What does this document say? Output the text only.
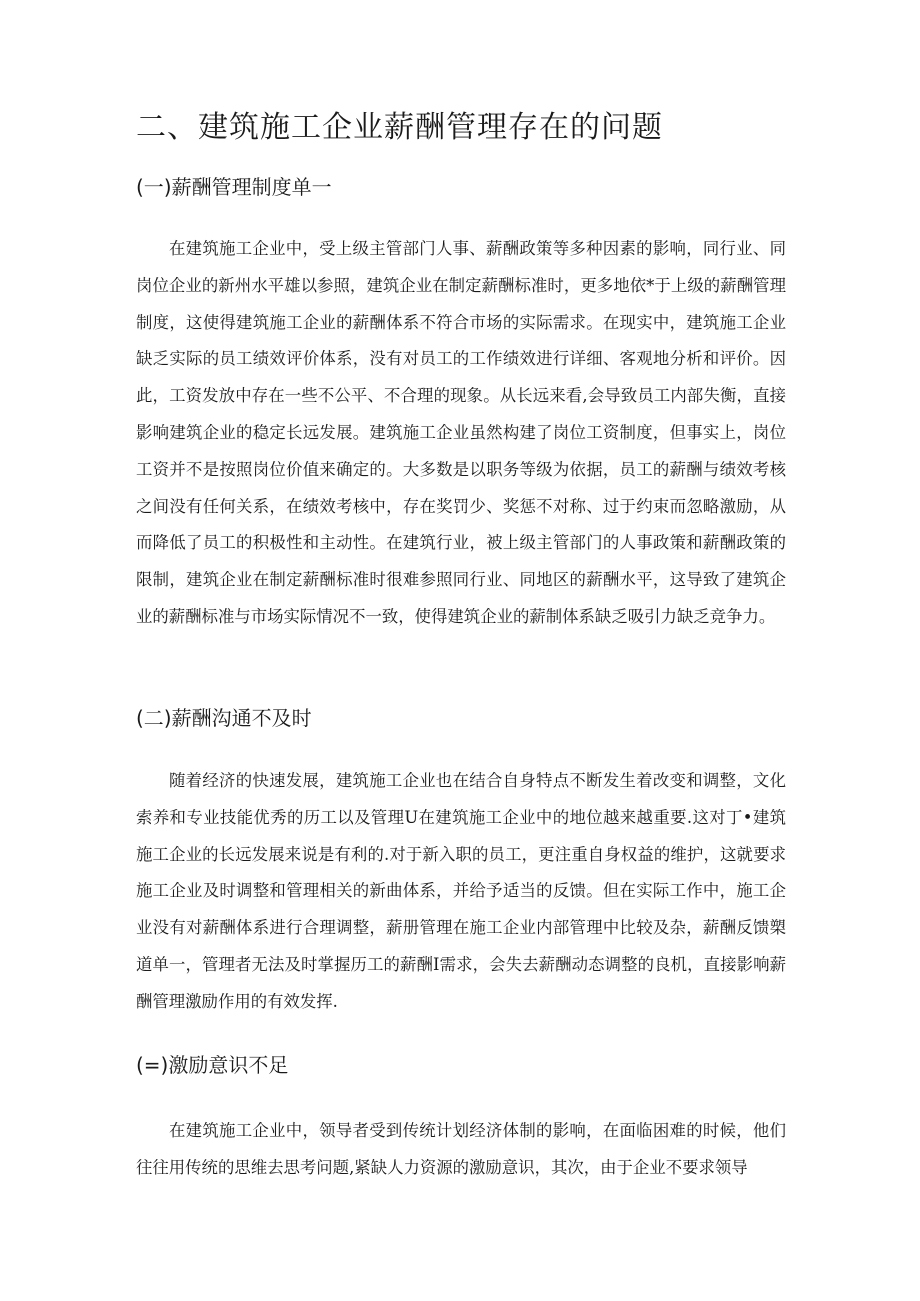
二、建筑施工企业薪酬管理存在的问题
(一)薪酬管理制度单一

在建筑施工企业中，受上级主管部门人事、薪酬政策等多种因素的影响，同行业、同岗位企业的新州水平雄以参照，建筑企业在制定薪酬标准时，更多地依*于上级的薪酬管理制度，这使得建筑施工企业的薪酬体系不符合市场的实际需求。在现实中，建筑施工企业缺乏实际的员工绩效评价体系，没有对员工的工作绩效进行详细、客观地分析和评价。因此，工资发放中存在一些不公平、不合理的现象。从长远来看,会导致员工内部失衡，直接影响建筑企业的稳定长远发展。建筑施工企业虽然构建了岗位工资制度，但事实上，岗位工资并不是按照岗位价值来确定的。大多数是以职务等级为依据，员工的薪酬与绩效考核之间没有任何关系，在绩效考核中，存在奖罚少、奖惩不对称、过于约束而忽略激励，从而降低了员工的积极性和主动性。在建筑行业，被上级主管部门的人事政策和薪酬政策的限制，建筑企业在制定薪酬标准时很难参照同行业、同地区的薪酬水平，这导致了建筑企业的薪酬标准与市场实际情况不一致，使得建筑企业的薪制体系缺乏吸引力缺乏竞争力。

(二)薪酬沟通不及时

随着经济的快速发展，建筑施工企业也在结合自身特点不断发生着改变和调整，文化索养和专业技能优秀的历工以及管理U在建筑施工企业中的地位越来越重要.这对丁•建筑施工企业的长远发展来说是有利的.对于新入职的员工，更注重自身权益的维护，这就要求施工企业及时调整和管理相关的新曲体系，并给予适当的反馈。但在实际工作中，施工企业没有对薪酬体系进行合理调整，薪册管理在施工企业内部管理中比较及杂，薪酬反馈槊道单一，管理者无法及时掌握历工的薪酬I需求，会失去薪酬动态调整的良机，直接影响薪酬管理激励作用的有效发挥.

(=)激励意识不足

在建筑施工企业中，领导者受到传统计划经济体制的影响，在面临困难的时候，他们往往用传统的思维去思考问题,紧缺人力资源的激励意识，其次，由于企业不要求领导
